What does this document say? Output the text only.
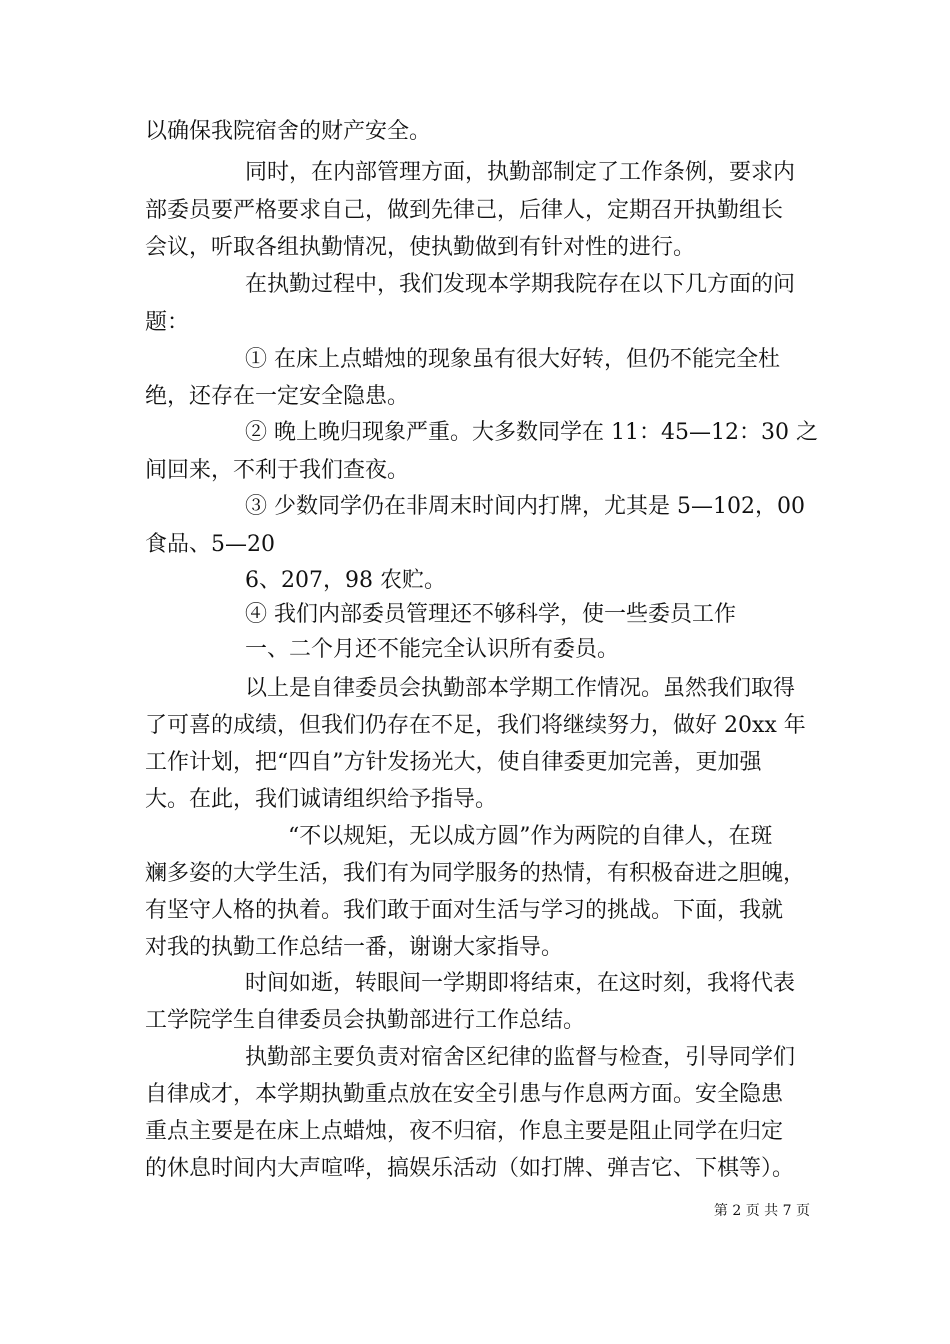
以确保我院宿舍的财产安全。
同时，在内部管理方面，执勤部制定了工作条例，要求内
部委员要严格要求自己，做到先律己，后律人，定期召开执勤组长
会议，听取各组执勤情况，使执勤做到有针对性的进行。
在执勤过程中，我们发现本学期我院存在以下几方面的问
题：
① 在床上点蜡烛的现象虽有很大好转，但仍不能完全杜
绝，还存在一定安全隐患。
② 晚上晚归现象严重。大多数同学在 11：45—12：30 之
间回来，不利于我们查夜。
③ 少数同学仍在非周末时间内打牌，尤其是 5—102，00
食品、5—20
6、207，98 农贮。
④ 我们内部委员管理还不够科学，使一些委员工作
一、二个月还不能完全认识所有委员。
以上是自律委员会执勤部本学期工作情况。虽然我们取得
了可喜的成绩，但我们仍存在不足，我们将继续努力，做好 20xx 年
工作计划，把“四自”方针发扬光大，使自律委更加完善，更加强
大。在此，我们诚请组织给予指导。
“不以规矩，无以成方圆”作为两院的自律人，在斑
斓多姿的大学生活，我们有为同学服务的热情，有积极奋进之胆魄，
有坚守人格的执着。我们敢于面对生活与学习的挑战。下面，我就
对我的执勤工作总结一番，谢谢大家指导。
时间如逝，转眼间一学期即将结束，在这时刻，我将代表
工学院学生自律委员会执勤部进行工作总结。
执勤部主要负责对宿舍区纪律的监督与检查，引导同学们
自律成才，本学期执勤重点放在安全引患与作息两方面。安全隐患
重点主要是在床上点蜡烛，夜不归宿，作息主要是阻止同学在归定
的休息时间内大声喧哗，搞娱乐活动（如打牌、弹吉它、下棋等）。
第 2 页 共 7 页
